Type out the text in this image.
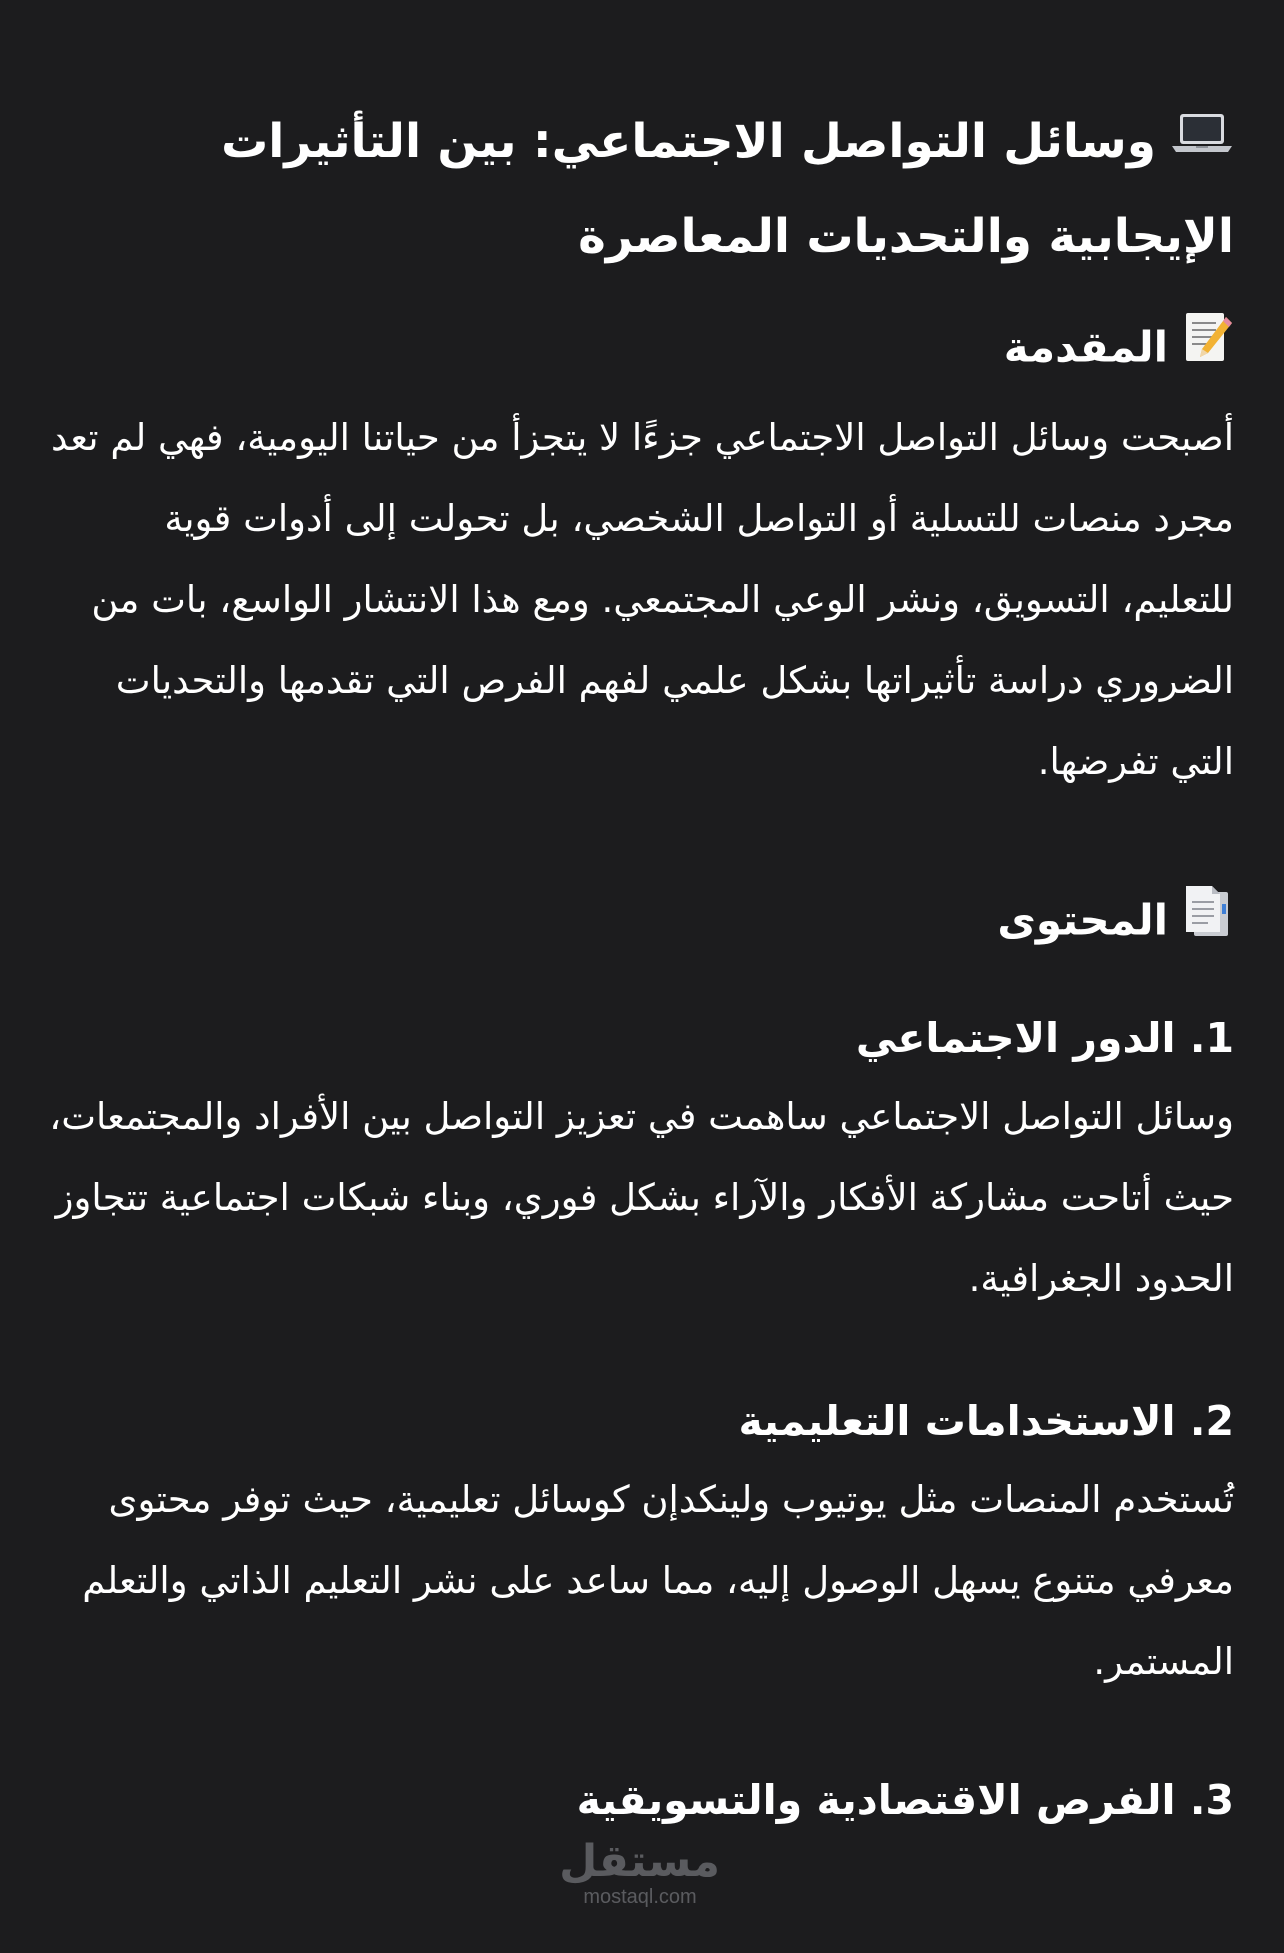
وسائل التواصل الاجتماعي: بين التأثيرات الإيجابية والتحديات المعاصرة
المقدمة

أصبحت وسائل التواصل الاجتماعي جزءًا لا يتجزأ من حياتنا اليومية، فهي لم تعد مجرد منصات للتسلية أو التواصل الشخصي، بل تحولت إلى أدوات قوية للتعليم، التسويق، ونشر الوعي المجتمعي. ومع هذا الانتشار الواسع، بات من الضروري دراسة تأثيراتها بشكل علمي لفهم الفرص التي تقدمها والتحديات التي تفرضها.

المحتوى
1. الدور الاجتماعي

وسائل التواصل الاجتماعي ساهمت في تعزيز التواصل بين الأفراد والمجتمعات، حيث أتاحت مشاركة الأفكار والآراء بشكل فوري، وبناء شبكات اجتماعية تتجاوز الحدود الجغرافية.

2. الاستخدامات التعليمية

تُستخدم المنصات مثل يوتيوب ولينكدإن كوسائل تعليمية، حيث توفر محتوى معرفي متنوع يسهل الوصول إليه، مما ساعد على نشر التعليم الذاتي والتعلم المستمر.

3. الفرص الاقتصادية والتسويقية
مستقل
mostaql.com
